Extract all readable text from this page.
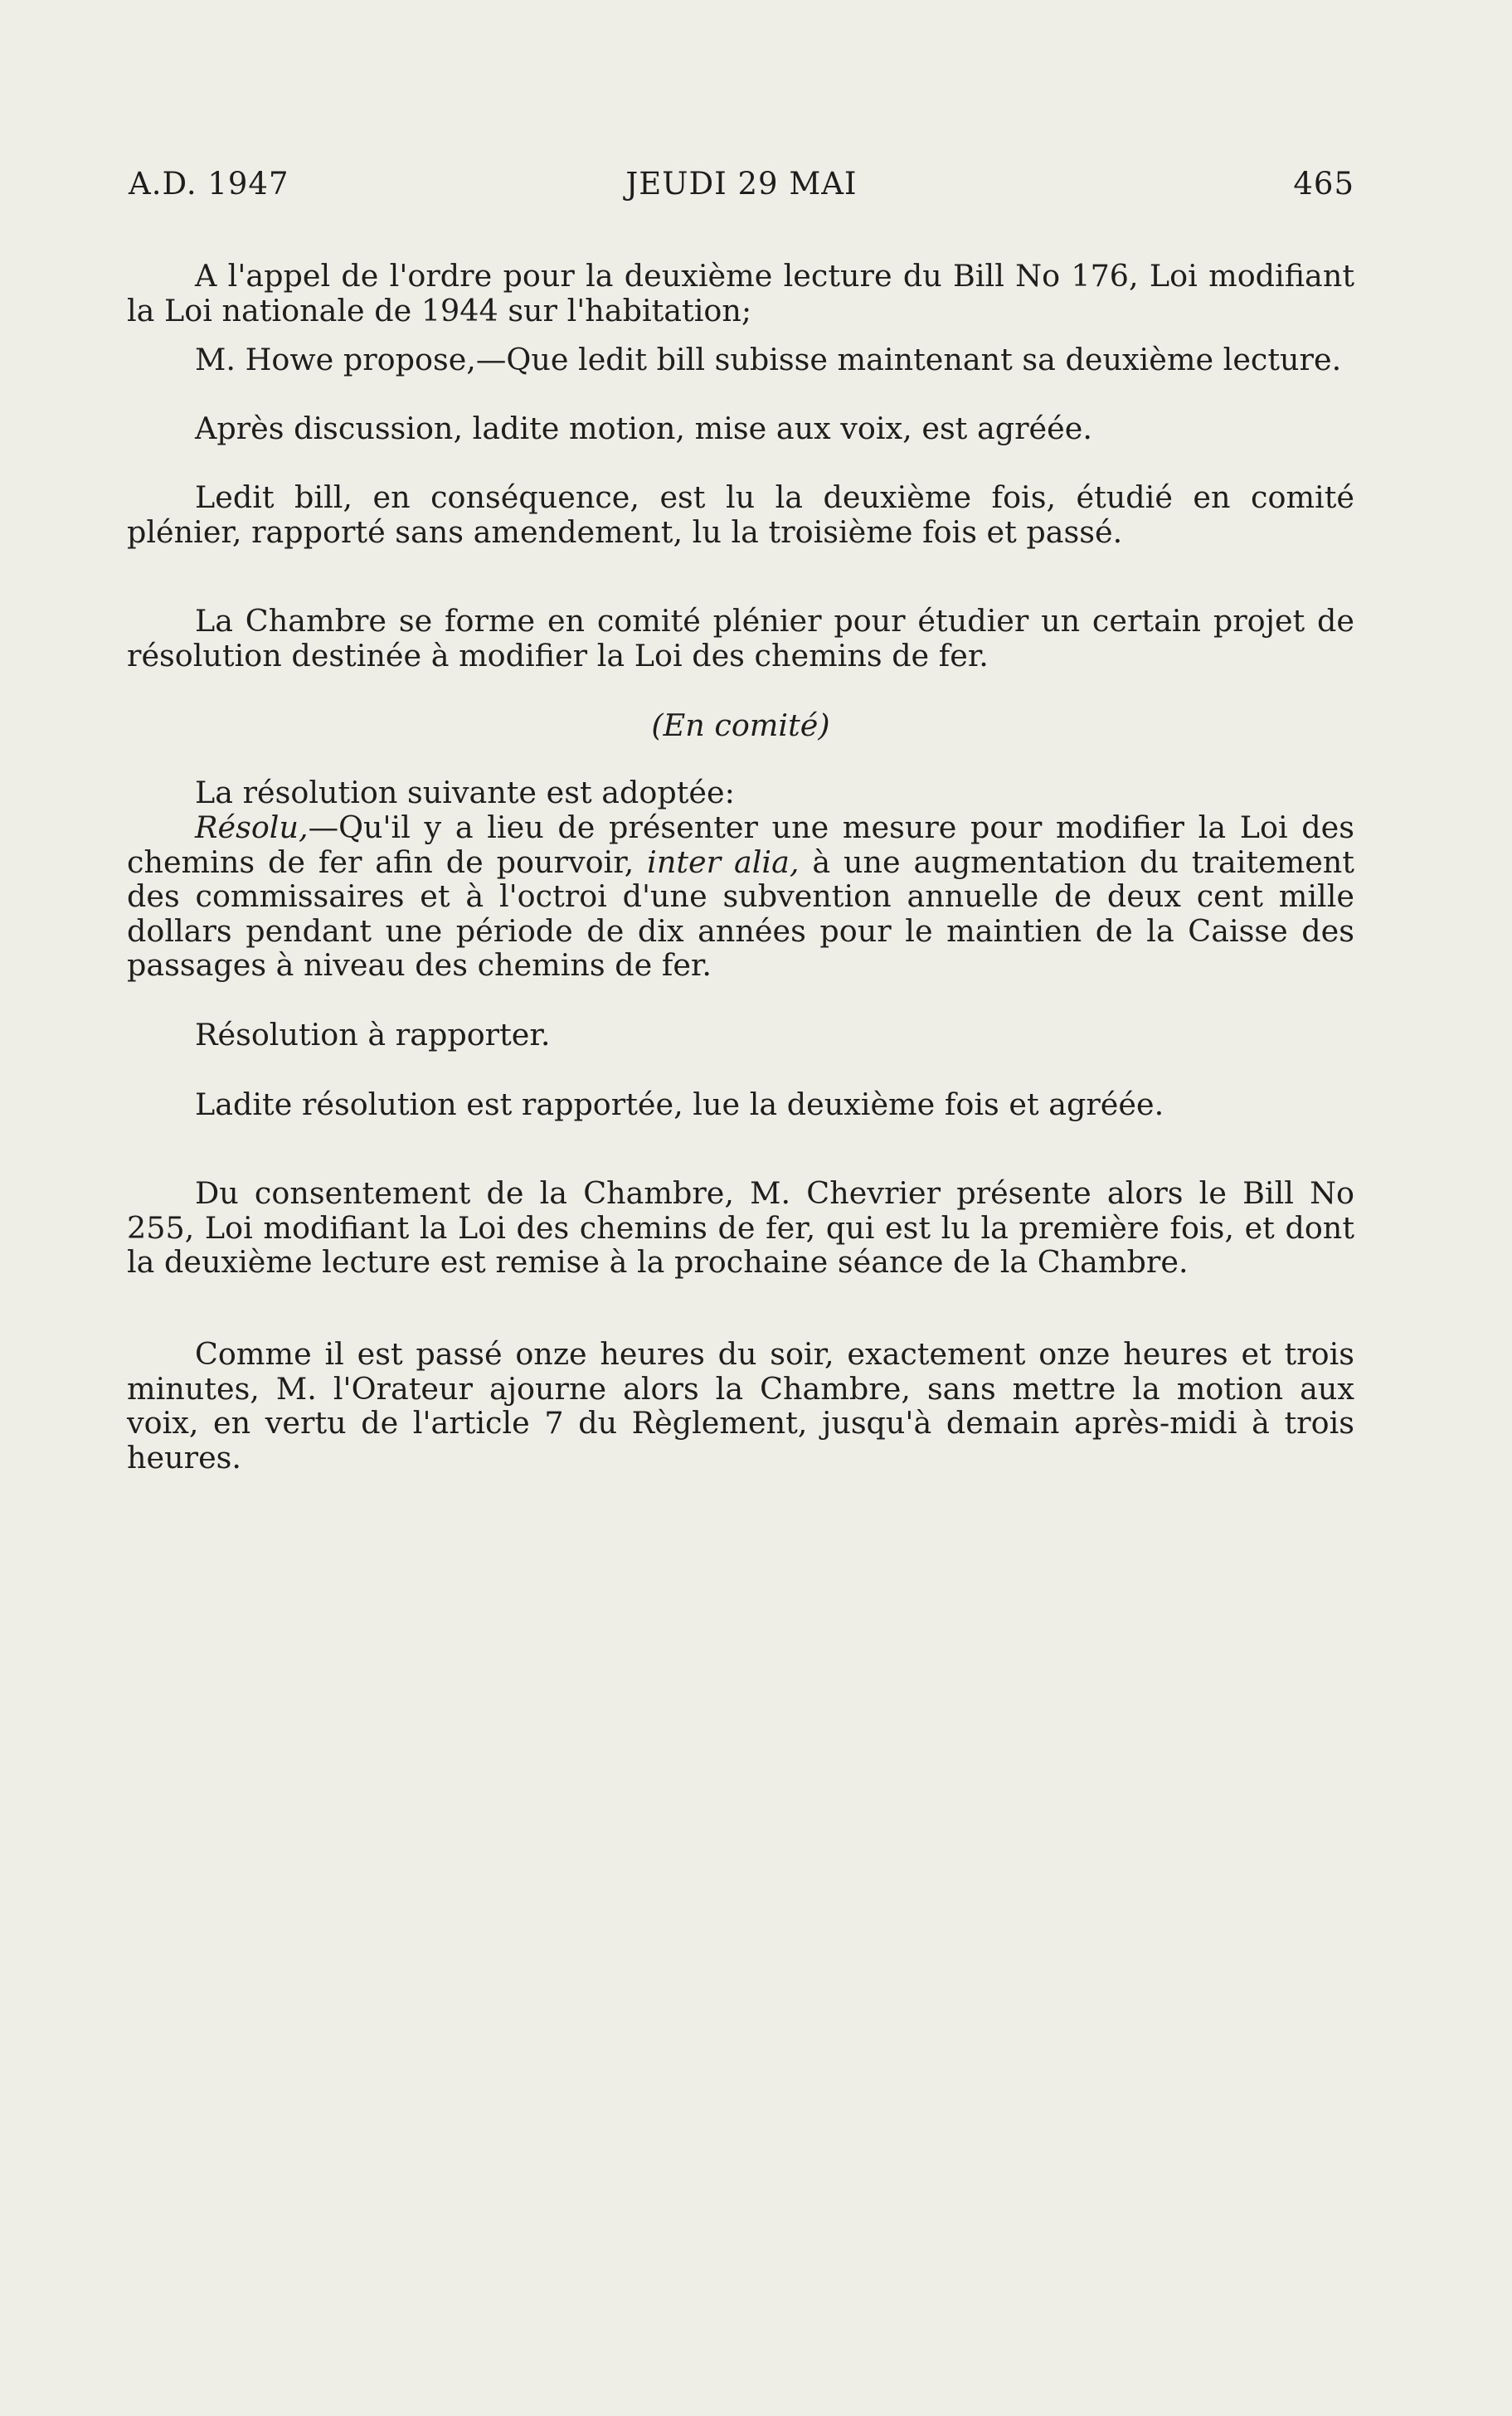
A.D. 1947	JEUDI 29 MAI	465

A l'appel de l'ordre pour la deuxième lecture du Bill No 176, Loi modifiant la Loi nationale de 1944 sur l'habitation;

M. Howe propose,—Que ledit bill subisse maintenant sa deuxième lecture.

Après discussion, ladite motion, mise aux voix, est agréée.

Ledit bill, en conséquence, est lu la deuxième fois, étudié en comité plénier, rapporté sans amendement, lu la troisième fois et passé.

La Chambre se forme en comité plénier pour étudier un certain projet de résolution destinée à modifier la Loi des chemins de fer.

(En comité)

La résolution suivante est adoptée:

Résolu,—Qu'il y a lieu de présenter une mesure pour modifier la Loi des chemins de fer afin de pourvoir, inter alia, à une augmentation du traitement des commissaires et à l'octroi d'une subvention annuelle de deux cent mille dollars pendant une période de dix années pour le maintien de la Caisse des passages à niveau des chemins de fer.

Résolution à rapporter.

Ladite résolution est rapportée, lue la deuxième fois et agréée.

Du consentement de la Chambre, M. Chevrier présente alors le Bill No 255, Loi modifiant la Loi des chemins de fer, qui est lu la première fois, et dont la deuxième lecture est remise à la prochaine séance de la Chambre.

Comme il est passé onze heures du soir, exactement onze heures et trois minutes, M. l'Orateur ajourne alors la Chambre, sans mettre la motion aux voix, en vertu de l'article 7 du Règlement, jusqu'à demain après-midi à trois heures.
